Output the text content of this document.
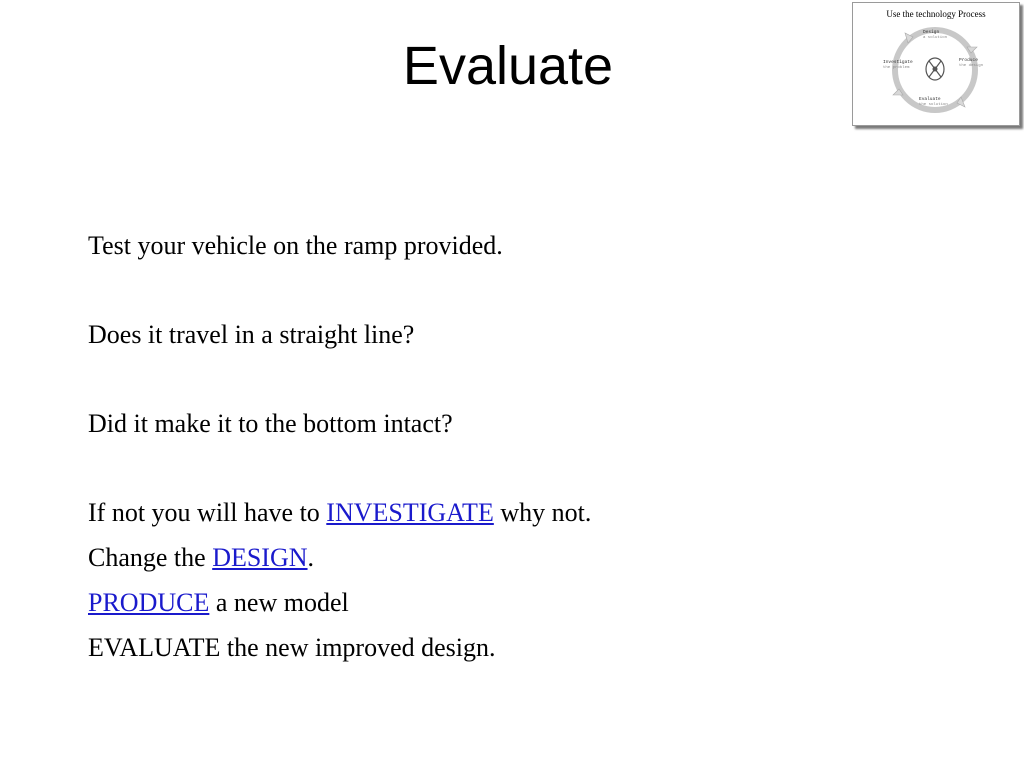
Evaluate
Use the technology Process
Design
a solution
Produce
the design
Evaluate
the solution
Investigate
the problem
Test your vehicle on the ramp provided.
Does it travel in a straight line?
Did it make it to the bottom intact?
If not you will have to INVESTIGATE why not.
Change the DESIGN.
PRODUCE a new model
EVALUATE the new improved design.
